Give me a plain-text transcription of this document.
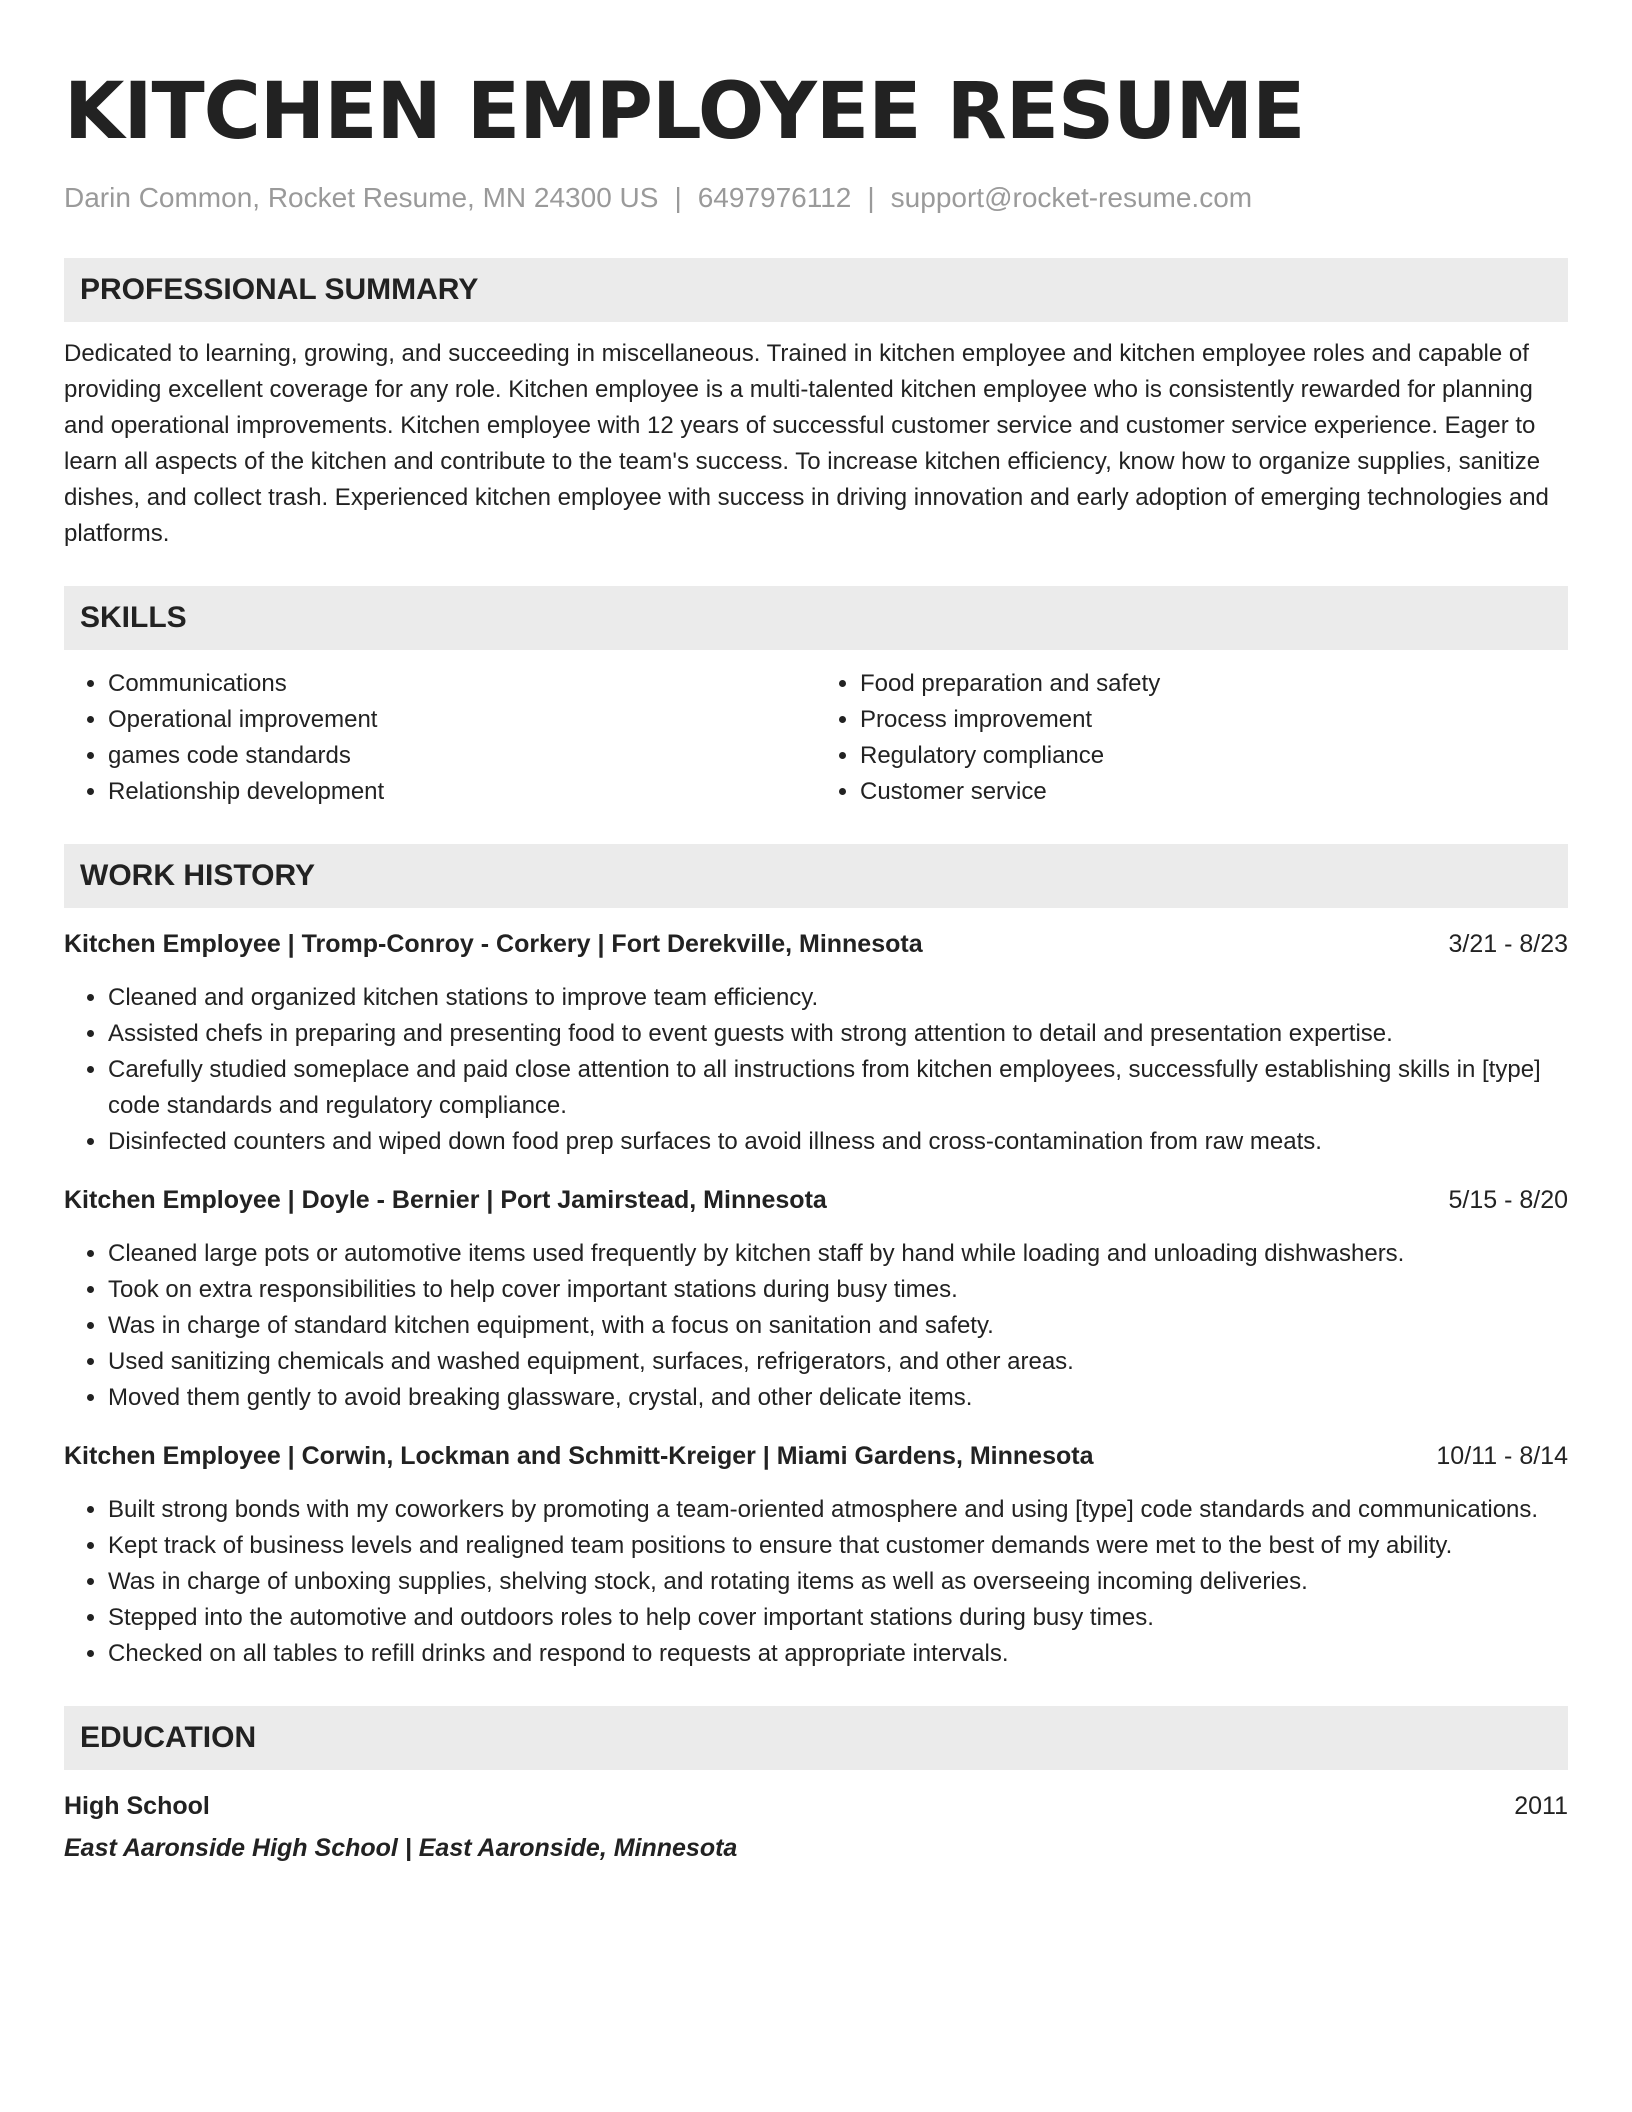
KITCHEN EMPLOYEE RESUME
Darin Common, Rocket Resume, MN 24300 US | 6497976112 | support@rocket-resume.com
PROFESSIONAL SUMMARY
Dedicated to learning, growing, and succeeding in miscellaneous. Trained in kitchen employee and kitchen employee roles and capable of providing excellent coverage for any role. Kitchen employee is a multi-talented kitchen employee who is consistently rewarded for planning and operational improvements. Kitchen employee with 12 years of successful customer service and customer service experience. Eager to learn all aspects of the kitchen and contribute to the team's success. To increase kitchen efficiency, know how to organize supplies, sanitize dishes, and collect trash. Experienced kitchen employee with success in driving innovation and early adoption of emerging technologies and platforms.
SKILLS
• Communications
• Operational improvement
• games code standards
• Relationship development
• Food preparation and safety
• Process improvement
• Regulatory compliance
• Customer service
WORK HISTORY
Kitchen Employee | Tromp-Conroy - Corkery | Fort Derekville, Minnesota	3/21 - 8/23
• Cleaned and organized kitchen stations to improve team efficiency.
• Assisted chefs in preparing and presenting food to event guests with strong attention to detail and presentation expertise.
• Carefully studied someplace and paid close attention to all instructions from kitchen employees, successfully establishing skills in [type] code standards and regulatory compliance.
• Disinfected counters and wiped down food prep surfaces to avoid illness and cross-contamination from raw meats.
Kitchen Employee | Doyle - Bernier | Port Jamirstead, Minnesota	5/15 - 8/20
• Cleaned large pots or automotive items used frequently by kitchen staff by hand while loading and unloading dishwashers.
• Took on extra responsibilities to help cover important stations during busy times.
• Was in charge of standard kitchen equipment, with a focus on sanitation and safety.
• Used sanitizing chemicals and washed equipment, surfaces, refrigerators, and other areas.
• Moved them gently to avoid breaking glassware, crystal, and other delicate items.
Kitchen Employee | Corwin, Lockman and Schmitt-Kreiger | Miami Gardens, Minnesota	10/11 - 8/14
• Built strong bonds with my coworkers by promoting a team-oriented atmosphere and using [type] code standards and communications.
• Kept track of business levels and realigned team positions to ensure that customer demands were met to the best of my ability.
• Was in charge of unboxing supplies, shelving stock, and rotating items as well as overseeing incoming deliveries.
• Stepped into the automotive and outdoors roles to help cover important stations during busy times.
• Checked on all tables to refill drinks and respond to requests at appropriate intervals.
EDUCATION
High School	2011
East Aaronside High School | East Aaronside, Minnesota
